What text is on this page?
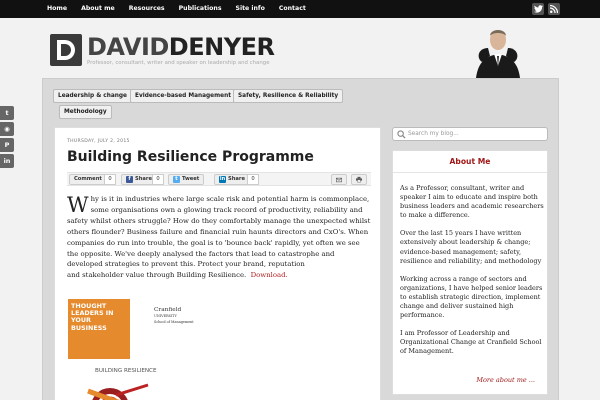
Home	About me	Resources	Publications	Site info	Contact
DAVIDDENYER
Professor, consultant, writer and speaker on leadership and change
t
◉
P
in
Leadership & change	Evidence-based Management	Safety, Resilience & Reliability
Methodology
THURSDAY, JULY 2, 2015
Building Resilience Programme
Comment	0	f Share 0	t Tweet	in Share	0
Why is it in industries where large scale risk and potential harm is commonplace, some organisations own a glowing track record of productivity, reliability and safety whilst others struggle? How do they comfortably manage the unexpected whilst others flounder? Business failure and financial ruin haunts directors and CxO's. When companies do run into trouble, the goal is to 'bounce back' rapidly, yet often we see the opposite. We've deeply analysed the factors that lead to catastrophe and developed strategies to prevent this. Protect your brand, reputation
and stakeholder value through Building Resilience. Download.
THOUGHT LEADERS IN YOUR BUSINESS
Cranfield
UNIVERSITY
School of Management
BUILDING RESILIENCE
Search my blog...
About Me

As a Professor, consultant, writer and speaker I aim to educate and inspire both business leaders and academic researchers to make a difference.

Over the last 15 years I have written extensively about leadership & change; evidence-based management; safety, resilience and reliability; and methodology

Working across a range of sectors and organizations, I have helped senior leaders to establish strategic direction, implement change and deliver sustained high performance.

I am Professor of Leadership and Organizational Change at Cranfield School of Management.

More about me ...
